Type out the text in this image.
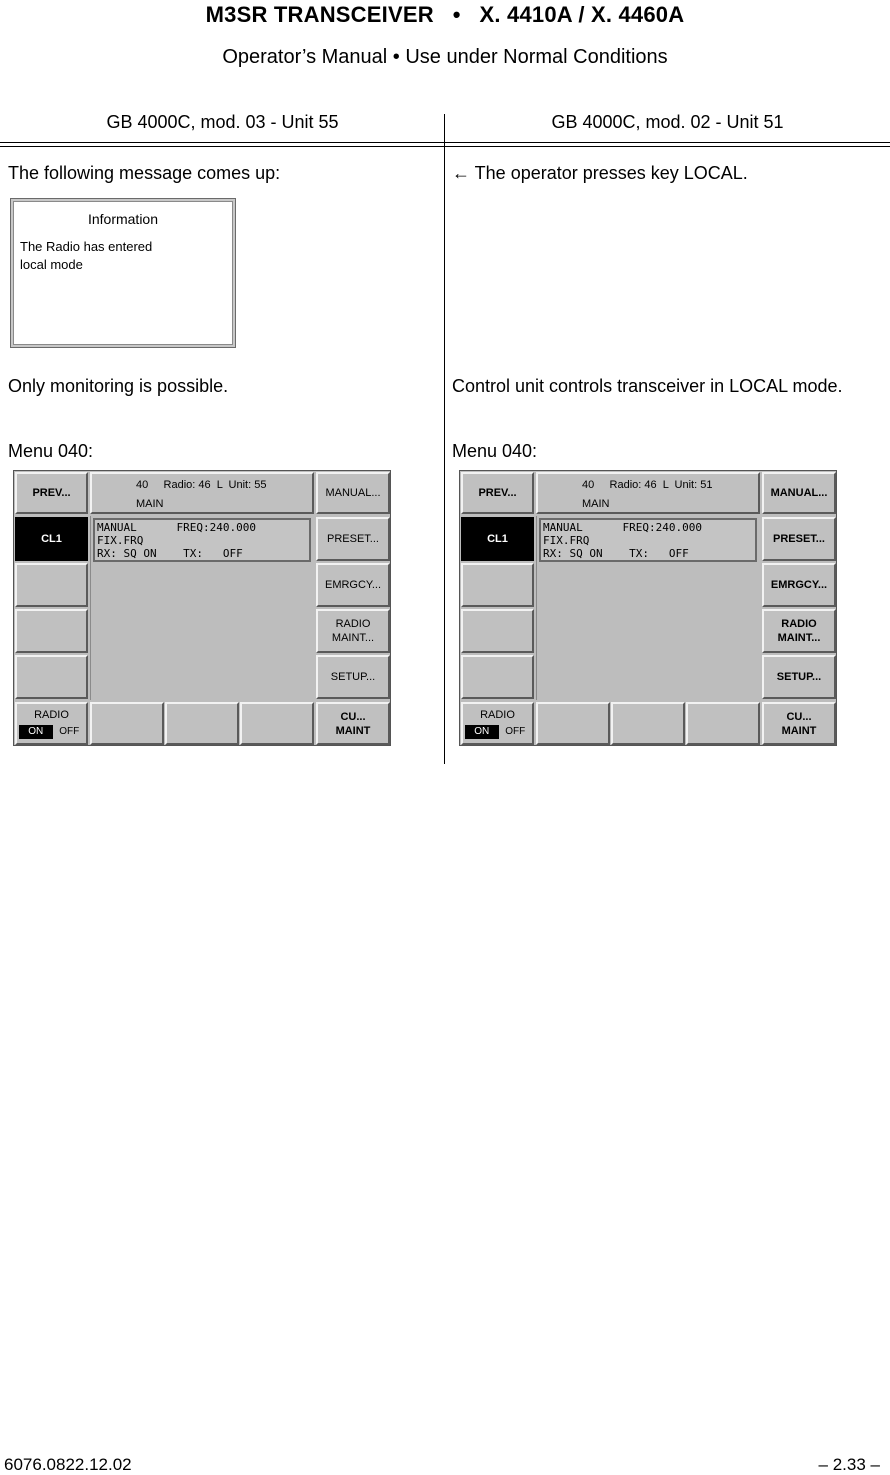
M3SR TRANSCEIVER   •   X. 4410A / X. 4460A
Operator’s Manual • Use under Normal Conditions
GB 4000C, mod. 03 - Unit 55	GB 4000C, mod. 02 - Unit 51
The following message comes up:
Information
The Radio has entered
local mode
Only monitoring is possible.
Menu 040:
PREV...
CL1
40     Radio: 46  L  Unit: 55
MAIN
MANUAL      FREQ:240.000
FIX.FRQ
RX: SQ ON    TX:   OFF
MANUAL...
PRESET...
EMRGCY...
RADIO
MAINT...
SETUP...
RADIO
ON	OFF
CU...
MAINT
← The operator presses key LOCAL.
Control unit controls transceiver in LOCAL mode.
Menu 040:
PREV...
CL1
40     Radio: 46  L  Unit: 51
MAIN
MANUAL      FREQ:240.000
FIX.FRQ
RX: SQ ON    TX:   OFF
MANUAL...
PRESET...
EMRGCY...
RADIO
MAINT...
SETUP...
RADIO
ON	OFF
CU...
MAINT
6076.0822.12.02	– 2.33 –
